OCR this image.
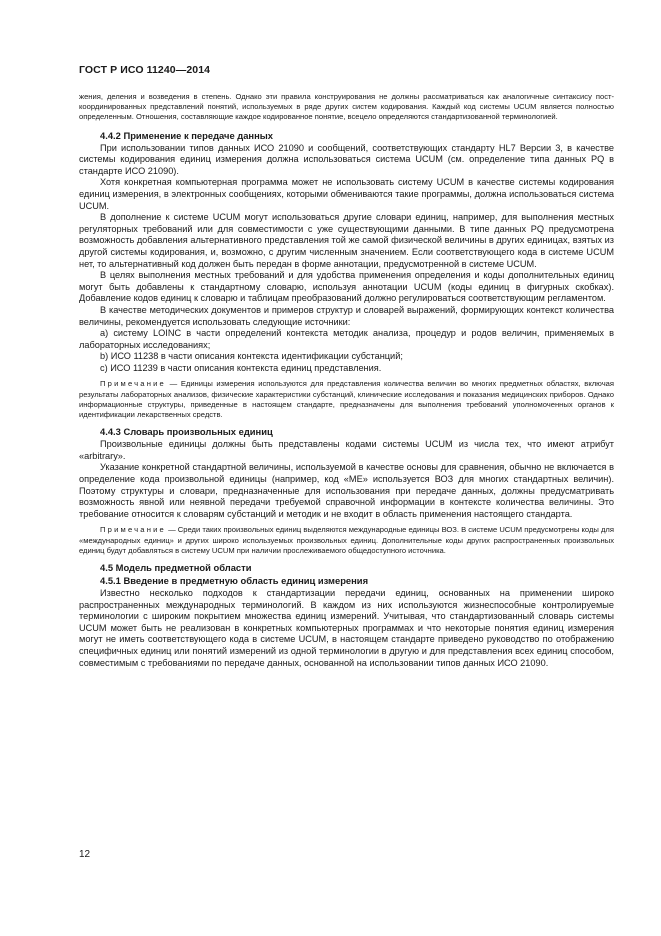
ГОСТ Р ИСО 11240—2014

жения, деления и возведения в степень. Однако эти правила конструирования не должны рассматриваться как аналогичные синтаксису пост-координированных представлений понятий, используемых в ряде других систем кодирования. Каждый код системы UCUM является полностью определенным. Отношения, составляющие каждое кодированное понятие, всецело определяются стандартизованной терминологией.

4.4.2 Применение к передаче данных

При использовании типов данных ИСО 21090 и сообщений, соответствующих стандарту HL7 Версии 3, в качестве системы кодирования единиц измерения должна использоваться система UCUM (см. определение типа данных PQ в стандарте ИСО 21090).

Хотя конкретная компьютерная программа может не использовать систему UCUM в качестве системы кодирования единиц измерения, в электронных сообщениях, которыми обмениваются такие программы, должна использоваться система UCUM.

В дополнение к системе UCUM могут использоваться другие словари единиц, например, для выполнения местных регуляторных требований или для совместимости с уже существующими данными. В типе данных PQ предусмотрена возможность добавления альтернативного представления той же самой физической величины в других единицах, взятых из другой системы кодирования, и, возможно, с другим численным значением. Если соответствующего кода в системе UCUM нет, то альтернативный код должен быть передан в форме аннотации, предусмотренной в системе UCUM.

В целях выполнения местных требований и для удобства применения определения и коды дополнительных единиц могут быть добавлены к стандартному словарю, используя аннотации UCUM (коды единиц в фигурных скобках). Добавление кодов единиц к словарю и таблицам преобразований должно регулироваться соответствующим регламентом.

В качестве методических документов и примеров структур и словарей выражений, формирующих контекст количества величины, рекомендуется использовать следующие источники:

а) систему LOINC в части определений контекста методик анализа, процедур и родов величин, применяемых в лабораторных исследованиях;

b) ИСО 11238 в части описания контекста идентификации субстанций;

c) ИСО 11239 в части описания контекста единиц представления.

Примечание — Единицы измерения используются для представления количества величин во многих предметных областях, включая результаты лабораторных анализов, физические характеристики субстанций, клинические исследования и показания медицинских приборов. Однако информационные структуры, приведенные в настоящем стандарте, предназначены для выполнения требований уполномоченных органов к идентификации лекарственных средств.

4.4.3 Словарь произвольных единиц

Произвольные единицы должны быть представлены кодами системы UCUM из числа тех, что имеют атрибут «arbitrary».

Указание конкретной стандартной величины, используемой в качестве основы для сравнения, обычно не включается в определение кода произвольной единицы (например, код «МЕ» используется ВОЗ для многих стандартных величин). Поэтому структуры и словари, предназначенные для использования при передаче данных, должны предусматривать возможность явной или неявной передачи требуемой справочной информации в контексте количества величины. Это требование относится к словарям субстанций и методик и не входит в область применения настоящего стандарта.

Примечание — Среди таких произвольных единиц выделяются международные единицы ВОЗ. В системе UCUM предусмотрены коды для «международных единиц» и других широко используемых произвольных единиц. Дополнительные коды других распространенных произвольных единиц будут добавляться в систему UCUM при наличии прослеживаемого общедоступного источника.

4.5 Модель предметной области
4.5.1 Введение в предметную область единиц измерения

Известно несколько подходов к стандартизации передачи единиц, основанных на применении широко распространенных международных терминологий. В каждом из них используются жизнеспособные контролируемые терминологии с широким покрытием множества единиц измерений. Учитывая, что стандартизованный словарь системы UCUM может быть не реализован в конкретных компьютерных программах и что некоторые понятия единиц измерения могут не иметь соответствующего кода в системе UCUM, в настоящем стандарте приведено руководство по отображению специфичных единиц или понятий измерений из одной терминологии в другую и для представления всех единиц способом, совместимым с требованиями по передаче данных, основанной на использовании типов данных ИСО 21090.

12
